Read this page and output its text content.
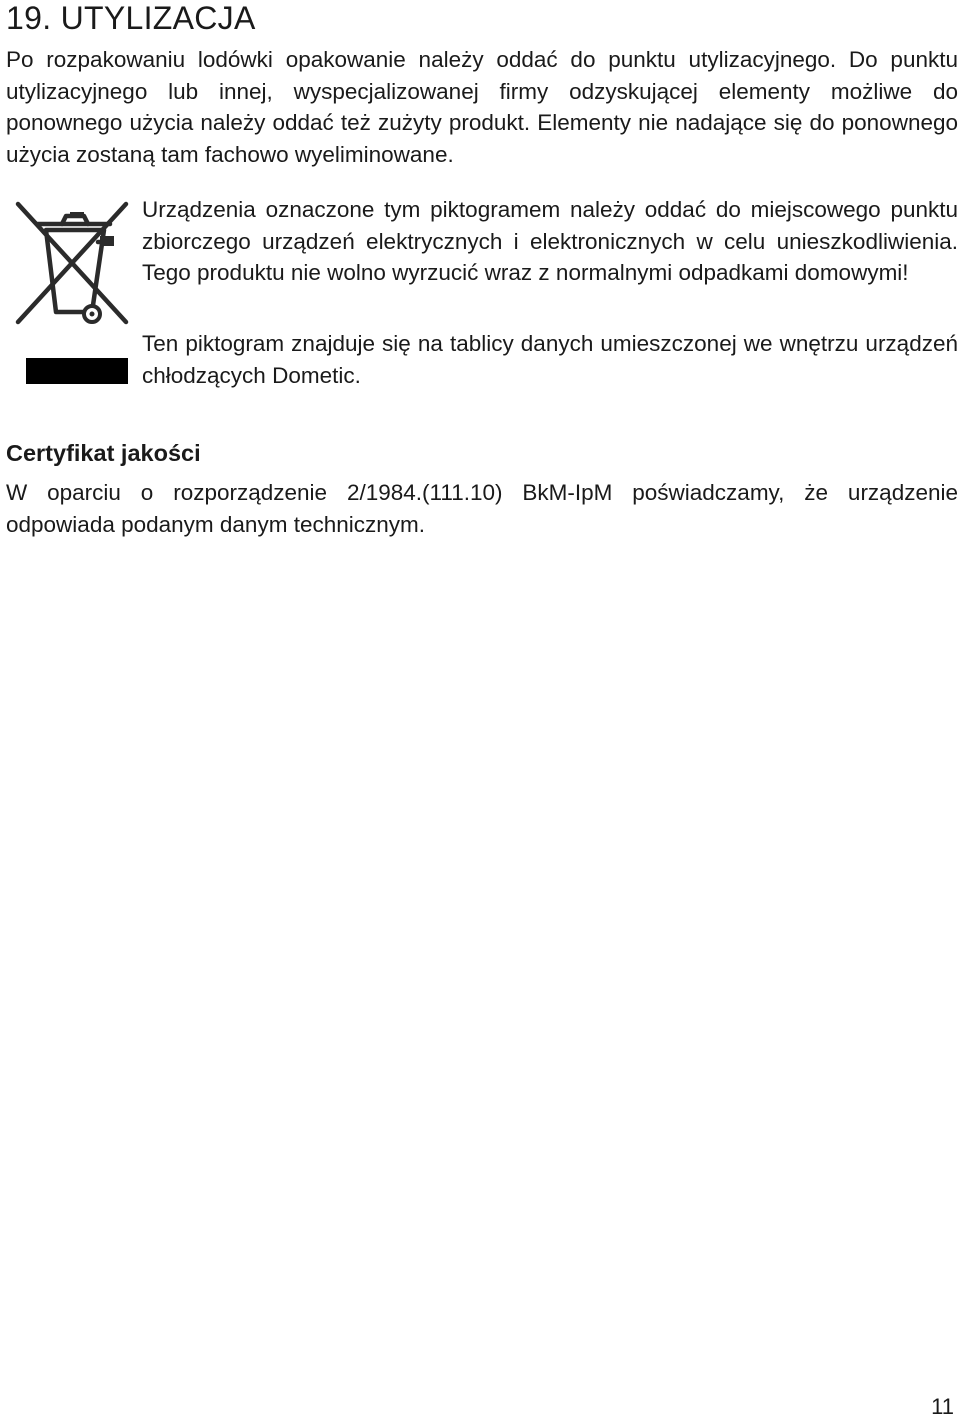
19. UTYLIZACJA

Po rozpakowaniu lodówki opakowanie należy oddać do punktu utylizacyjnego. Do punktu utylizacyjnego lub innej, wyspecjalizowanej firmy odzyskującej elementy możliwe do ponownego użycia należy oddać też zużyty produkt. Elementy nie nadające się do ponownego użycia zostaną tam fachowo wyeliminowane.

Urządzenia oznaczone tym piktogramem należy oddać do miejscowego punktu zbiorczego urządzeń elektrycznych i elektronicznych w celu unieszkodliwienia. Tego produktu nie wolno wyrzucić wraz z normalnymi odpadkami domowymi!

Ten piktogram znajduje się na tablicy danych umieszczonej we wnętrzu urządzeń chłodzących Dometic.

Certyfikat jakości

W oparciu o rozporządzenie 2/1984.(111.10) BkM-IpM poświadczamy, że urządzenie odpowiada podanym danym technicznym.

11
